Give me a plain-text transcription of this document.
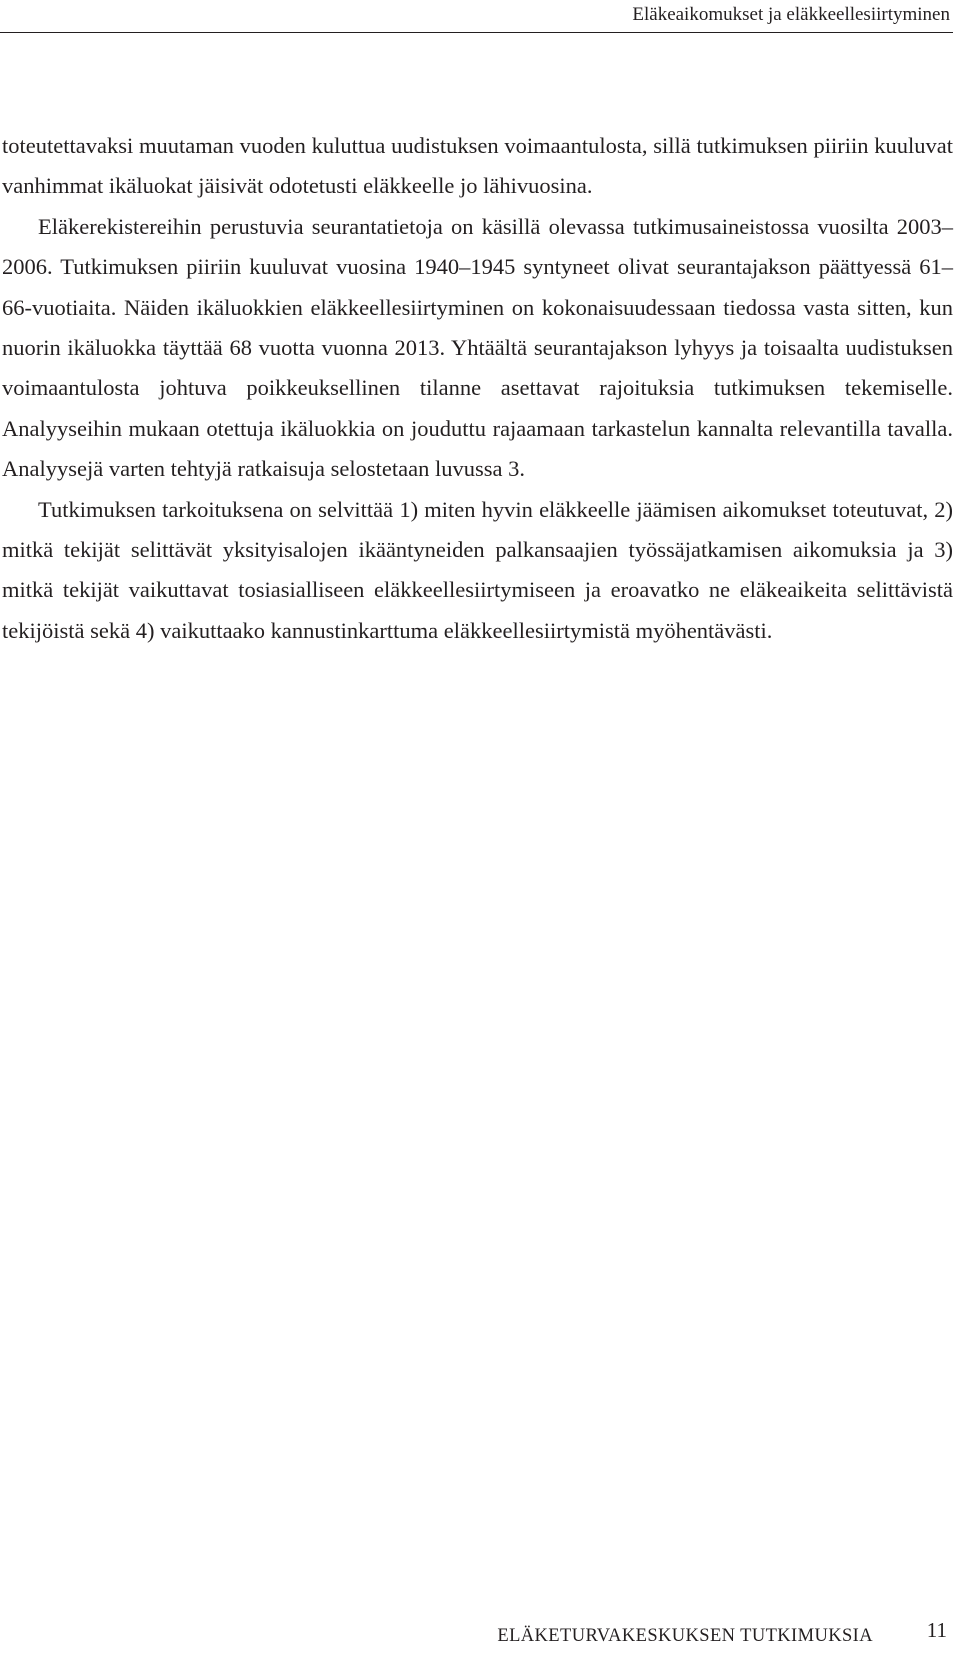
Eläkeaikomukset ja eläkkeellesiirtyminen

toteutettavaksi muutaman vuoden kuluttua uudistuksen voimaantulosta, sillä tutkimuksen piiriin kuuluvat vanhimmat ikäluokat jäisivät odotetusti eläkkeelle jo lähivuosina.

Eläkerekistereihin perustuvia seurantatietoja on käsillä olevassa tutkimusaineistossa vuosilta 2003–2006. Tutkimuksen piiriin kuuluvat vuosina 1940–1945 syntyneet olivat seurantajakson päättyessä 61–66-vuotiaita. Näiden ikäluokkien eläkkeellesiirtyminen on kokonaisuudessaan tiedossa vasta sitten, kun nuorin ikäluokka täyttää 68 vuotta vuonna 2013. Yhtäältä seurantajakson lyhyys ja toisaalta uudistuksen voimaantulosta johtuva poikkeuksellinen tilanne asettavat rajoituksia tutkimuksen tekemiselle. Analyyseihin mukaan otettuja ikäluokkia on jouduttu rajaamaan tarkastelun kannalta relevantilla tavalla. Analyysejä varten tehtyjä ratkaisuja selostetaan luvussa 3.

Tutkimuksen tarkoituksena on selvittää 1) miten hyvin eläkkeelle jäämisen aikomukset toteutuvat, 2) mitkä tekijät selittävät yksityisalojen ikääntyneiden palkansaajien työssäjatkamisen aikomuksia ja 3) mitkä tekijät vaikuttavat tosiasialliseen eläkkeellesiirtymiseen ja eroavatko ne eläkeaikeita selittävistä tekijöistä sekä 4) vaikuttaako kannustinkarttuma eläkkeellesiirtymistä myöhentävästi.

ELÄKETURVAKESKUKSEN TUTKIMUKSIA	11
